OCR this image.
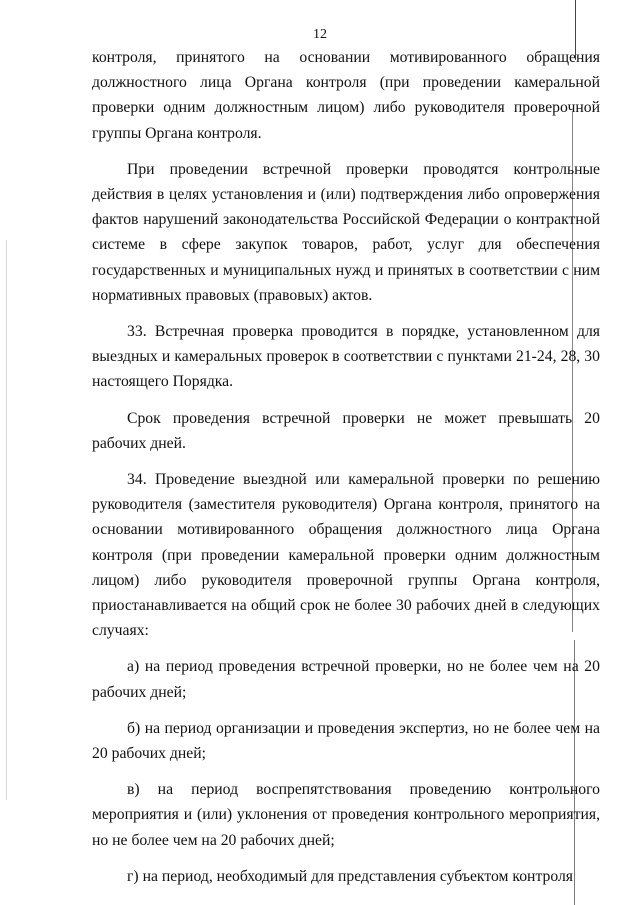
12

контроля, принятого на основании мотивированного обращения должностного лица Органа контроля (при проведении камеральной проверки одним должностным лицом) либо руководителя проверочной группы Органа контроля.

При проведении встречной проверки проводятся контрольные действия в целях установления и (или) подтверждения либо опровержения фактов нарушений законодательства Российской Федерации о контрактной системе в сфере закупок товаров, работ, услуг для обеспечения государственных и муниципальных нужд и принятых в соответствии с ним нормативных правовых (правовых) актов.

33. Встречная проверка проводится в порядке, установленном для выездных и камеральных проверок в соответствии с пунктами 21-24, 28, 30 настоящего Порядка.

Срок проведения встречной проверки не может превышать 20 рабочих дней.

34. Проведение выездной или камеральной проверки по решению руководителя (заместителя руководителя) Органа контроля, принятого на основании мотивированного обращения должностного лица Органа контроля (при проведении камеральной проверки одним должностным лицом) либо руководителя проверочной группы Органа контроля, приостанавливается на общий срок не более 30 рабочих дней в следующих случаях:

а) на период проведения встречной проверки, но не более чем на 20 рабочих дней;

б) на период организации и проведения экспертиз, но не более чем на 20 рабочих дней;

в) на период воспрепятствования проведению контрольного мероприятия и (или) уклонения от проведения контрольного мероприятия, но не более чем на 20 рабочих дней;

г) на период, необходимый для представления субъектом контроля
